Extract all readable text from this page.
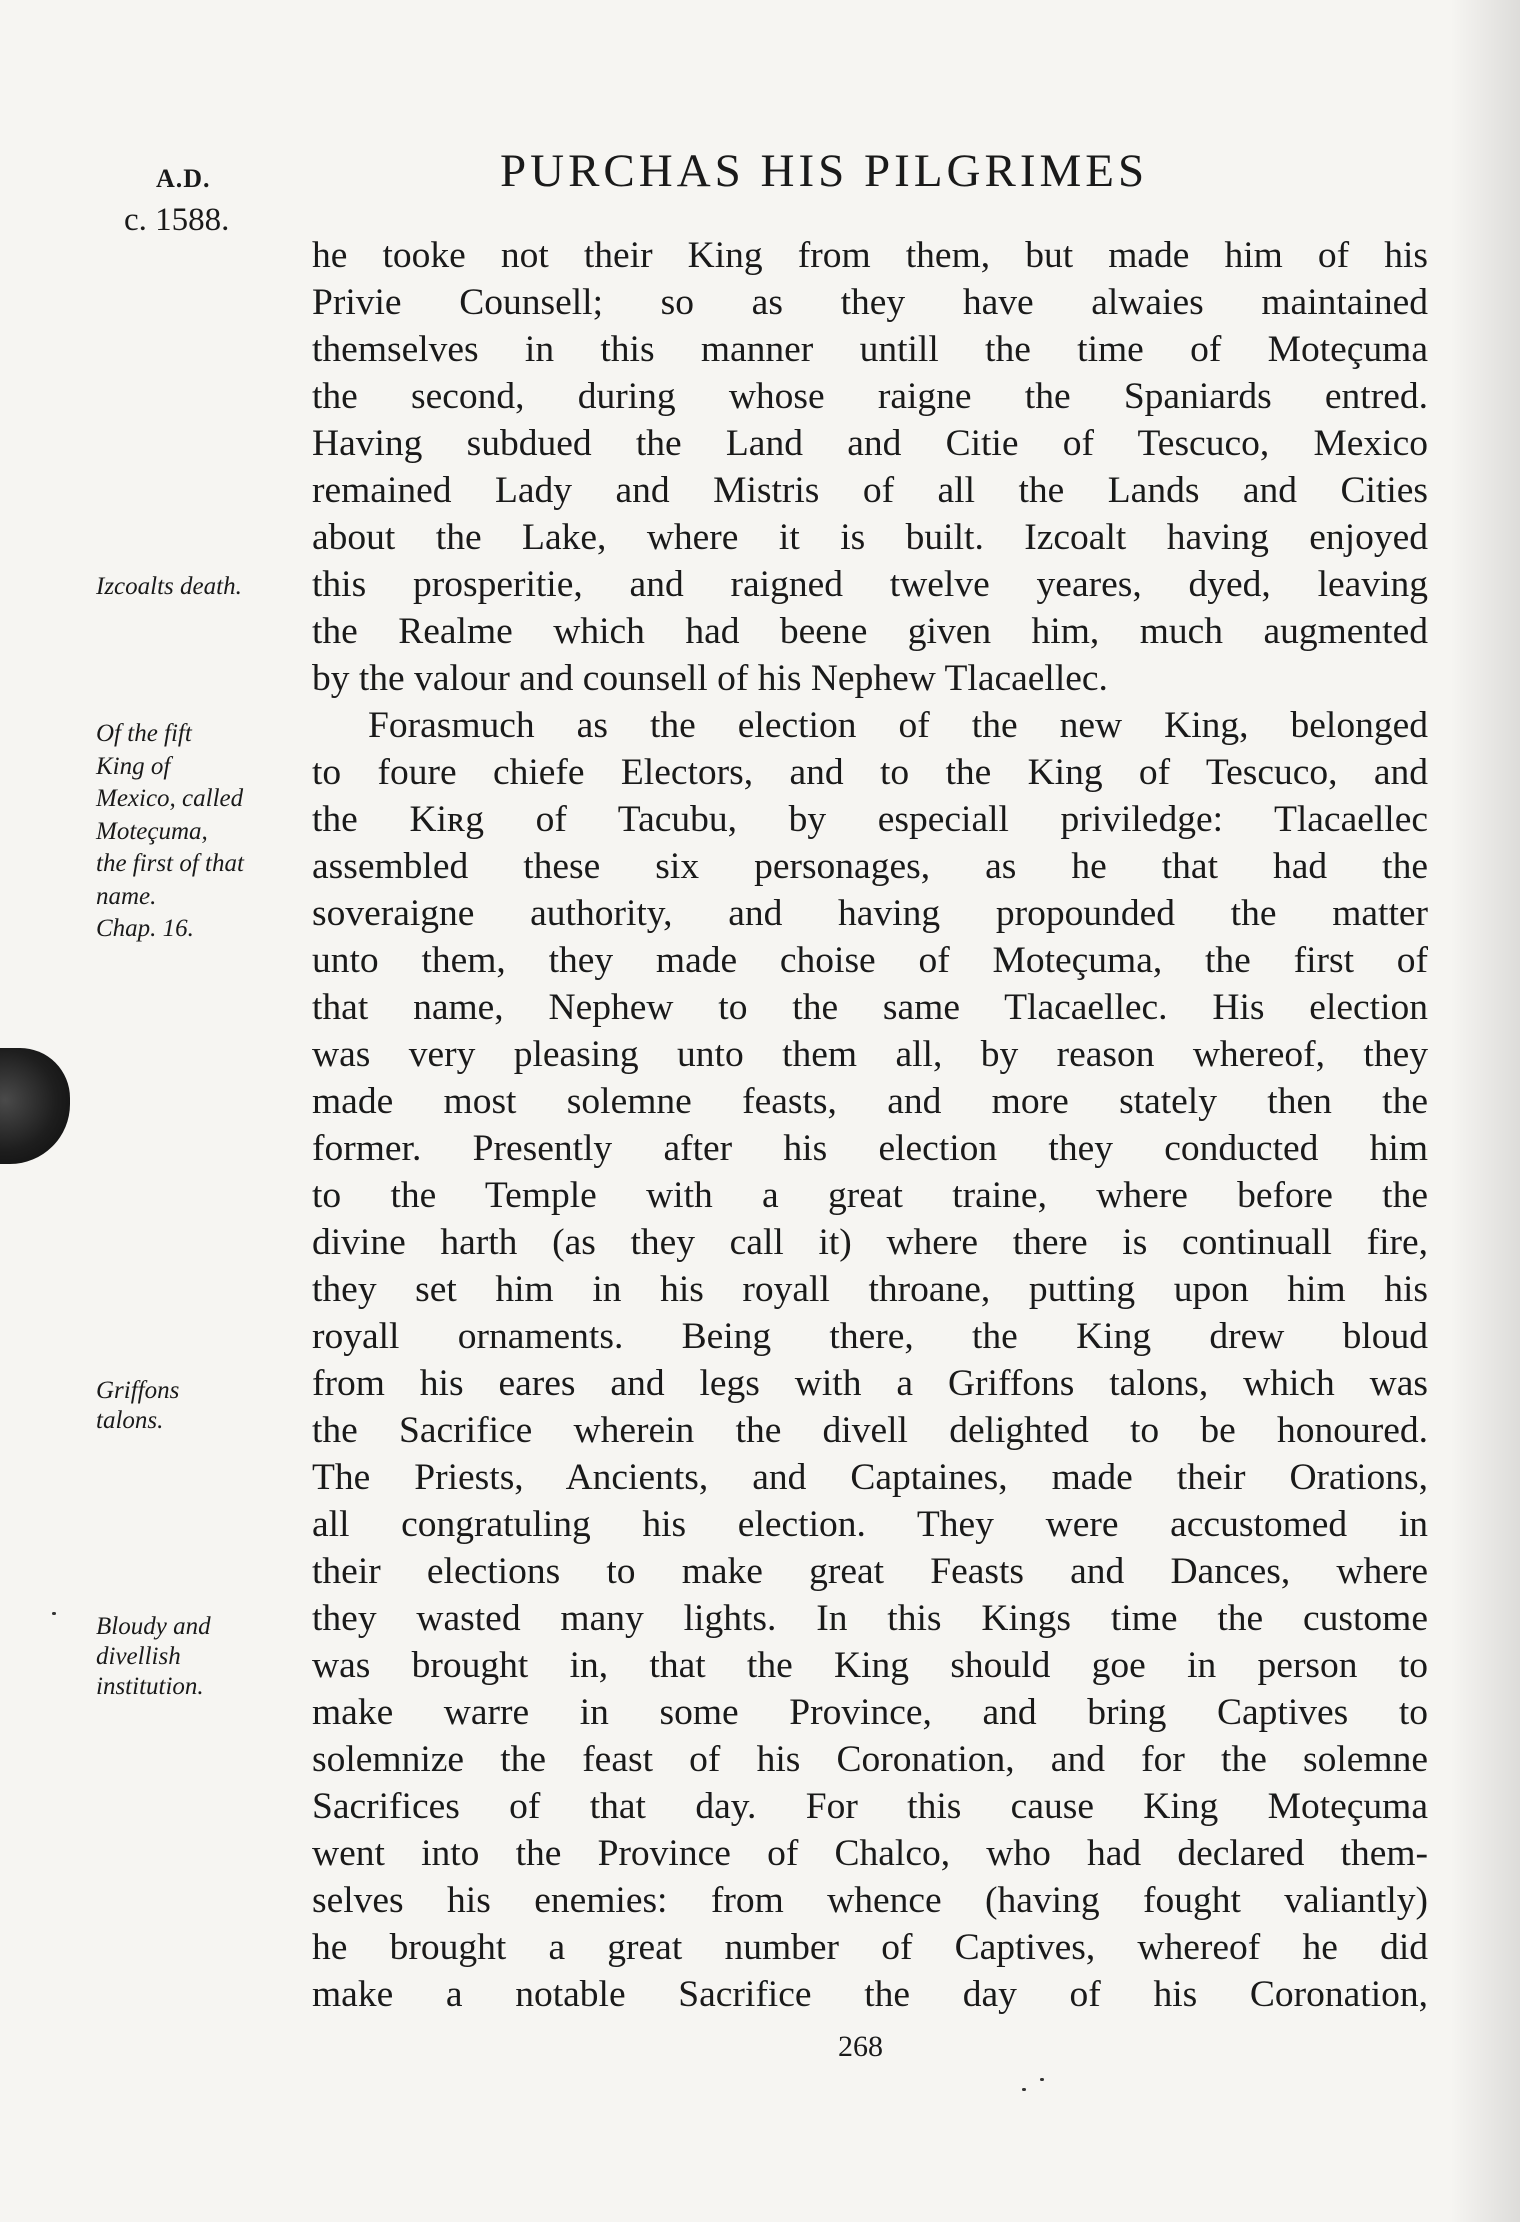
A.D.
c. 1588.
PURCHAS HIS PILGRIMES
he tooke not their King from them, but made him of his
Privie Counsell; so as they have alwaies maintained
themselves in this manner untill the time of Moteçuma
the second, during whose raigne the Spaniards entred.
Having subdued the Land and Citie of Tescuco, Mexico
remained Lady and Mistris of all the Lands and Cities
about the Lake, where it is built. Izcoalt having enjoyed
this prosperitie, and raigned twelve yeares, dyed, leaving
the Realme which had beene given him, much augmented
by the valour and counsell of his Nephew Tlacaellec.
Forasmuch as the election of the new King, belonged
to foure chiefe Electors, and to the King of Tescuco, and
the Kiʀg of Tacubu, by especiall priviledge: Tlacaellec
assembled these six personages, as he that had the
soveraigne authority, and having propounded the matter
unto them, they made choise of Moteçuma, the first of
that name, Nephew to the same Tlacaellec. His election
was very pleasing unto them all, by reason whereof, they
made most solemne feasts, and more stately then the
former. Presently after his election they conducted him
to the Temple with a great traine, where before the
divine harth (as they call it) where there is continuall fire,
they set him in his royall throane, putting upon him his
royall ornaments. Being there, the King drew bloud
from his eares and legs with a Griffons talons, which was
the Sacrifice wherein the divell delighted to be honoured.
The Priests, Ancients, and Captaines, made their Orations,
all congratuling his election. They were accustomed in
their elections to make great Feasts and Dances, where
they wasted many lights. In this Kings time the custome
was brought in, that the King should goe in person to
make warre in some Province, and bring Captives to
solemnize the feast of his Coronation, and for the solemne
Sacrifices of that day. For this cause King Moteçuma
went into the Province of Chalco, who had declared them-
selves his enemies: from whence (having fought valiantly)
he brought a great number of Captives, whereof he did
make a notable Sacrifice the day of his Coronation,
Izcoalts death.
Of the fift
King of
Mexico, called
Moteçuma,
the first of that
name.
Chap. 16.
Griffons
talons.
Bloudy and
divellish
institution.
268
